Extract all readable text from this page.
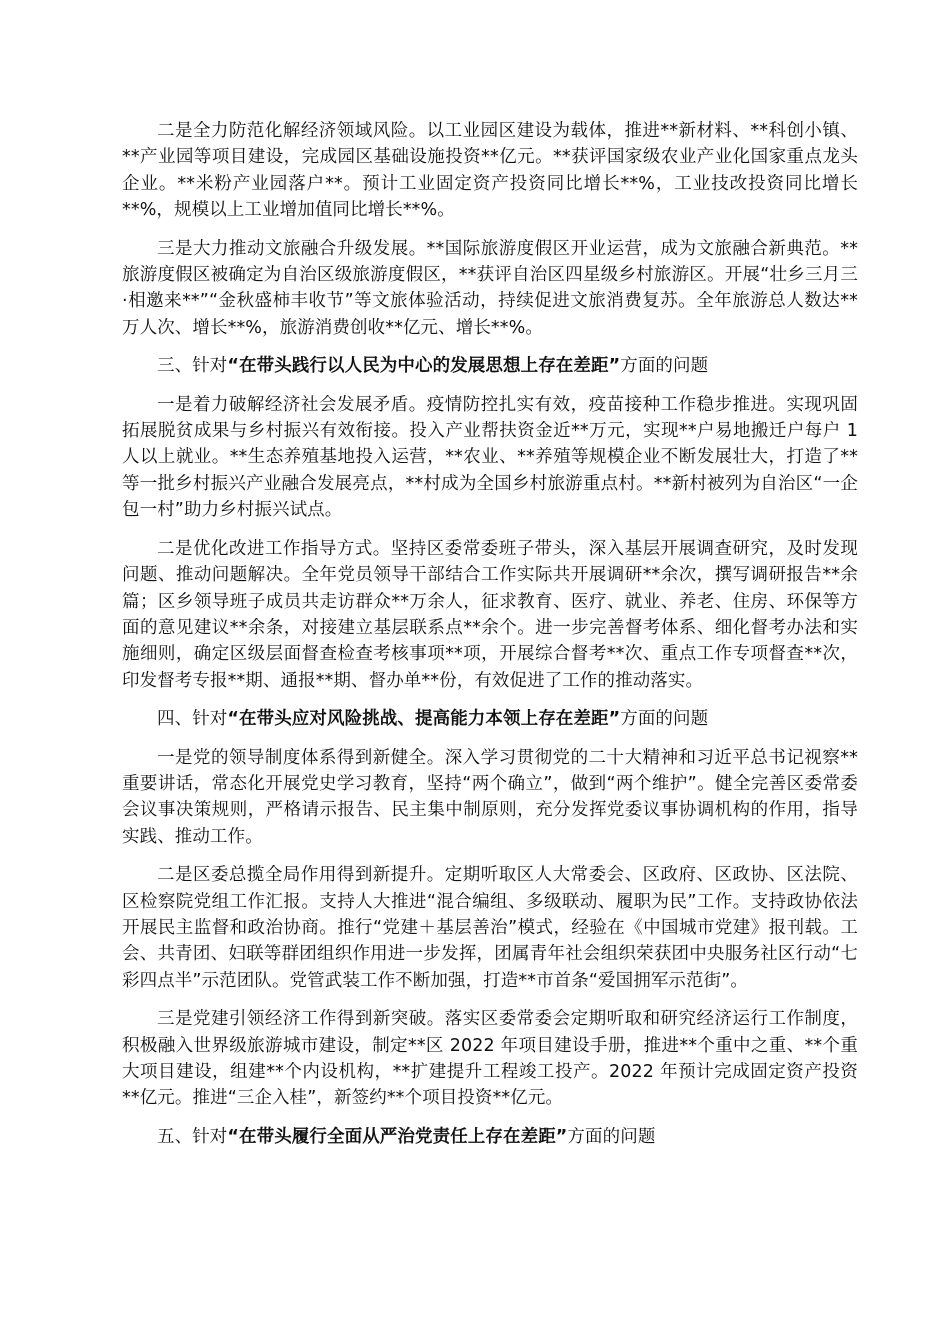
二是全力防范化解经济领域风险。以工业园区建设为载体，推进**新材料、**科创小镇、**产业园等项目建设，完成园区基础设施投资**亿元。**获评国家级农业产业化国家重点龙头企业。**米粉产业园落户**。预计工业固定资产投资同比增长**%，工业技改投资同比增长**%，规模以上工业增加值同比增长**%。

三是大力推动文旅融合升级发展。**国际旅游度假区开业运营，成为文旅融合新典范。**旅游度假区被确定为自治区级旅游度假区，**获评自治区四星级乡村旅游区。开展“壮乡三月三·相邀来**”“金秋盛柿丰收节”等文旅体验活动，持续促进文旅消费复苏。全年旅游总人数达**万人次、增长**%，旅游消费创收**亿元、增长**%。

三、针对“在带头践行以人民为中心的发展思想上存在差距”方面的问题

一是着力破解经济社会发展矛盾。疫情防控扎实有效，疫苗接种工作稳步推进。实现巩固拓展脱贫成果与乡村振兴有效衔接。投入产业帮扶资金近**万元，实现**户易地搬迁户每户 1 人以上就业。**生态养殖基地投入运营，**农业、**养殖等规模企业不断发展壮大，打造了**等一批乡村振兴产业融合发展亮点，**村成为全国乡村旅游重点村。**新村被列为自治区“一企包一村”助力乡村振兴试点。

二是优化改进工作指导方式。坚持区委常委班子带头，深入基层开展调查研究，及时发现问题、推动问题解决。全年党员领导干部结合工作实际共开展调研**余次，撰写调研报告**余篇；区乡领导班子成员共走访群众**万余人，征求教育、医疗、就业、养老、住房、环保等方面的意见建议**余条，对接建立基层联系点**余个。进一步完善督考体系、细化督考办法和实施细则，确定区级层面督查检查考核事项**项，开展综合督考**次、重点工作专项督查**次，印发督考专报**期、通报**期、督办单**份，有效促进了工作的推动落实。

四、针对“在带头应对风险挑战、提高能力本领上存在差距”方面的问题

一是党的领导制度体系得到新健全。深入学习贯彻党的二十大精神和习近平总书记视察**重要讲话，常态化开展党史学习教育，坚持“两个确立”，做到“两个维护”。健全完善区委常委会议事决策规则，严格请示报告、民主集中制原则，充分发挥党委议事协调机构的作用，指导实践、推动工作。

二是区委总揽全局作用得到新提升。定期听取区人大常委会、区政府、区政协、区法院、区检察院党组工作汇报。支持人大推进“混合编组、多级联动、履职为民”工作。支持政协依法开展民主监督和政治协商。推行“党建＋基层善治”模式，经验在《中国城市党建》报刊载。工会、共青团、妇联等群团组织作用进一步发挥，团属青年社会组织荣获团中央服务社区行动“七彩四点半”示范团队。党管武装工作不断加强，打造**市首条“爱国拥军示范街”。

三是党建引领经济工作得到新突破。落实区委常委会定期听取和研究经济运行工作制度，积极融入世界级旅游城市建设，制定**区 2022 年项目建设手册，推进**个重中之重、**个重大项目建设，组建**个内设机构，**扩建提升工程竣工投产。2022 年预计完成固定资产投资**亿元。推进“三企入桂”，新签约**个项目投资**亿元。

五、针对“在带头履行全面从严治党责任上存在差距”方面的问题
